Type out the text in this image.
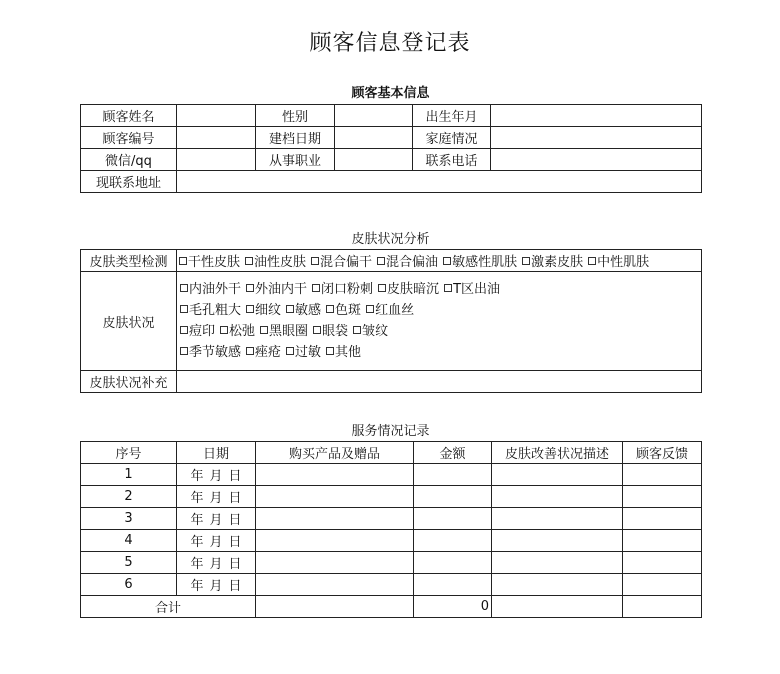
顾客信息登记表
顾客基本信息
顾客姓名		性别		出生年月	
顾客编号		建档日期		家庭情况	
微信/qq		从事职业		联系电话	
现联系地址					
皮肤状况分析
皮肤类型检测	干性皮肤 油性皮肤 混合偏干 混合偏油 敏感性肌肤 激素皮肤 中性肌肤
皮肤状况	内油外干 外油内干 闭口粉刺 皮肤暗沉 T区出油
毛孔粗大 细纹 敏感 色斑 红血丝
痘印 松弛 黑眼圈 眼袋 皱纹
季节敏感 痤疮 过敏 其他

皮肤状况补充	
服务情况记录
序号	日期	购买产品及赠品	金额	皮肤改善状况描述	顾客反馈
1	年 月 日				
2	年 月 日				
3	年 月 日				
4	年 月 日				
5	年 月 日				
6	年 月 日				
合计			0		
